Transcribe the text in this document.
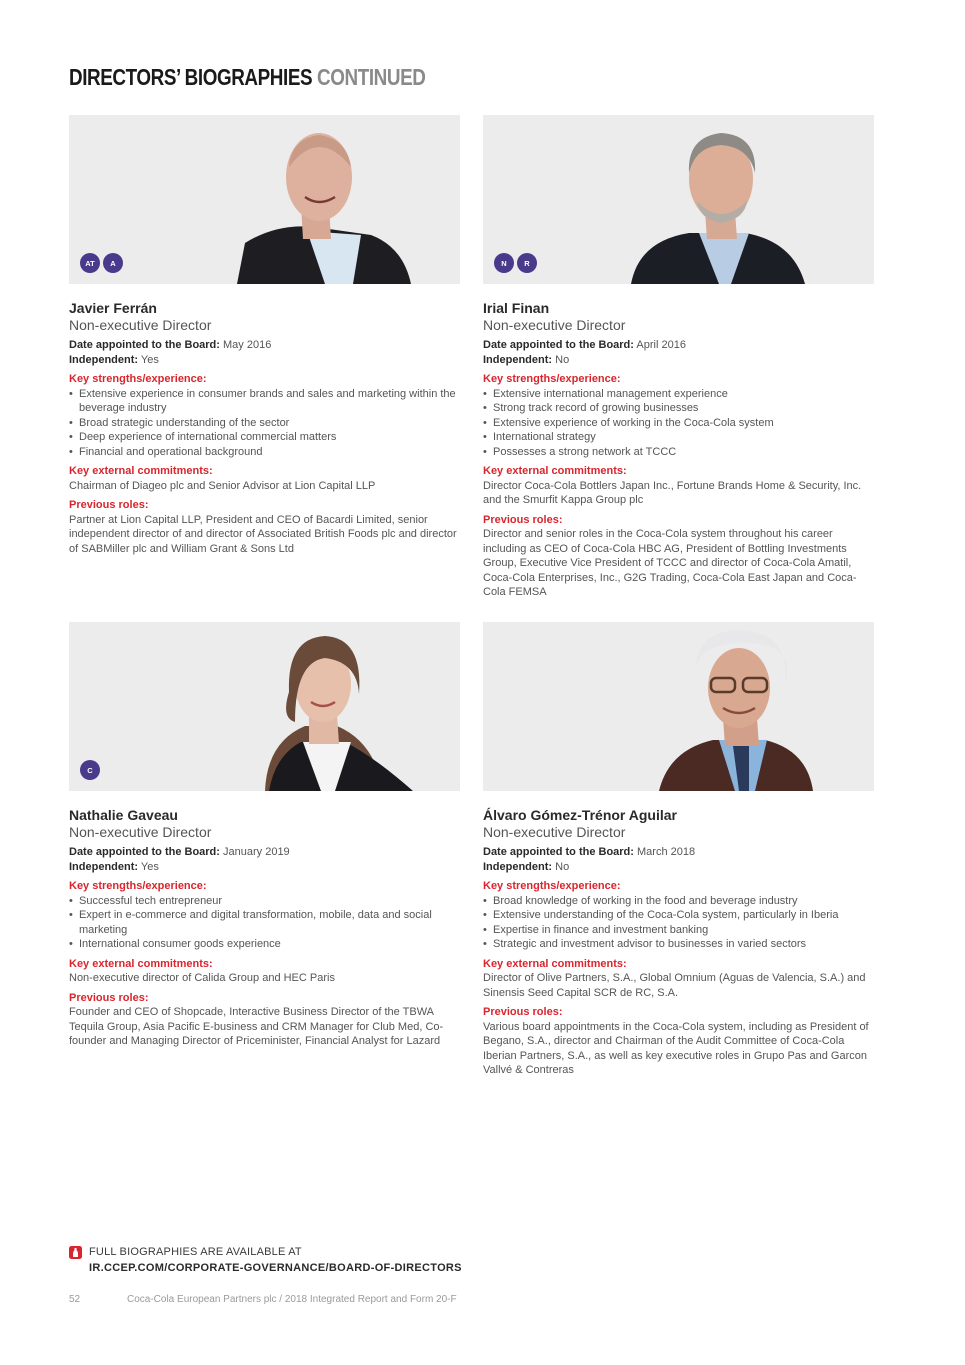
DIRECTORS’ BIOGRAPHIES CONTINUED
AT	A
Javier Ferrán
Non-executive Director
Date appointed to the Board: May 2016
Independent: Yes
Key strengths/experience:
• Extensive experience in consumer brands and sales and marketing within the beverage industry
• Broad strategic understanding of the sector
• Deep experience of international commercial matters
• Financial and operational background
Key external commitments:

Chairman of Diageo plc and Senior Advisor at Lion Capital LLP

Previous roles:

Partner at Lion Capital LLP, President and CEO of Bacardi Limited, senior independent director of and director of Associated British Foods plc and director of SABMiller plc and William Grant & Sons Ltd

N	R
Irial Finan
Non-executive Director
Date appointed to the Board: April 2016
Independent: No
Key strengths/experience:
• Extensive international management experience
• Strong track record of growing businesses
• Extensive experience of working in the Coca-Cola system
• International strategy
• Possesses a strong network at TCCC
Key external commitments:

Director Coca-Cola Bottlers Japan Inc., Fortune Brands Home & Security, Inc. and the Smurfit Kappa Group plc

Previous roles:

Director and senior roles in the Coca-Cola system throughout his career including as CEO of Coca-Cola HBC AG, President of Bottling Investments Group, Executive Vice President of TCCC and director of Coca-Cola Amatil, Coca-Cola Enterprises, Inc., G2G Trading, Coca-Cola East Japan and Coca-Cola FEMSA

C
Nathalie Gaveau
Non-executive Director
Date appointed to the Board: January 2019
Independent: Yes
Key strengths/experience:
• Successful tech entrepreneur
• Expert in e-commerce and digital transformation, mobile, data and social marketing
• International consumer goods experience
Key external commitments:

Non-executive director of Calida Group and HEC Paris

Previous roles:

Founder and CEO of Shopcade, Interactive Business Director of the TBWA Tequila Group, Asia Pacific E-business and CRM Manager for Club Med, Co-founder and Managing Director of Priceminister, Financial Analyst for Lazard

Álvaro Gómez-Trénor Aguilar
Non-executive Director
Date appointed to the Board: March 2018
Independent: No
Key strengths/experience:
• Broad knowledge of working in the food and beverage industry
• Extensive understanding of the Coca-Cola system, particularly in Iberia
• Expertise in finance and investment banking
• Strategic and investment advisor to businesses in varied sectors
Key external commitments:

Director of Olive Partners, S.A., Global Omnium (Aguas de Valencia, S.A.) and Sinensis Seed Capital SCR de RC, S.A.

Previous roles:

Various board appointments in the Coca-Cola system, including as President of Begano, S.A., director and Chairman of the Audit Committee of Coca-Cola Iberian Partners, S.A., as well as key executive roles in Grupo Pas and Garcon Vallvé & Contreras

FULL BIOGRAPHIES ARE AVAILABLE AT
IR.CCEP.COM/CORPORATE-GOVERNANCE/BOARD-OF-DIRECTORS
52	Coca-Cola European Partners plc / 2018 Integrated Report and Form 20-F
